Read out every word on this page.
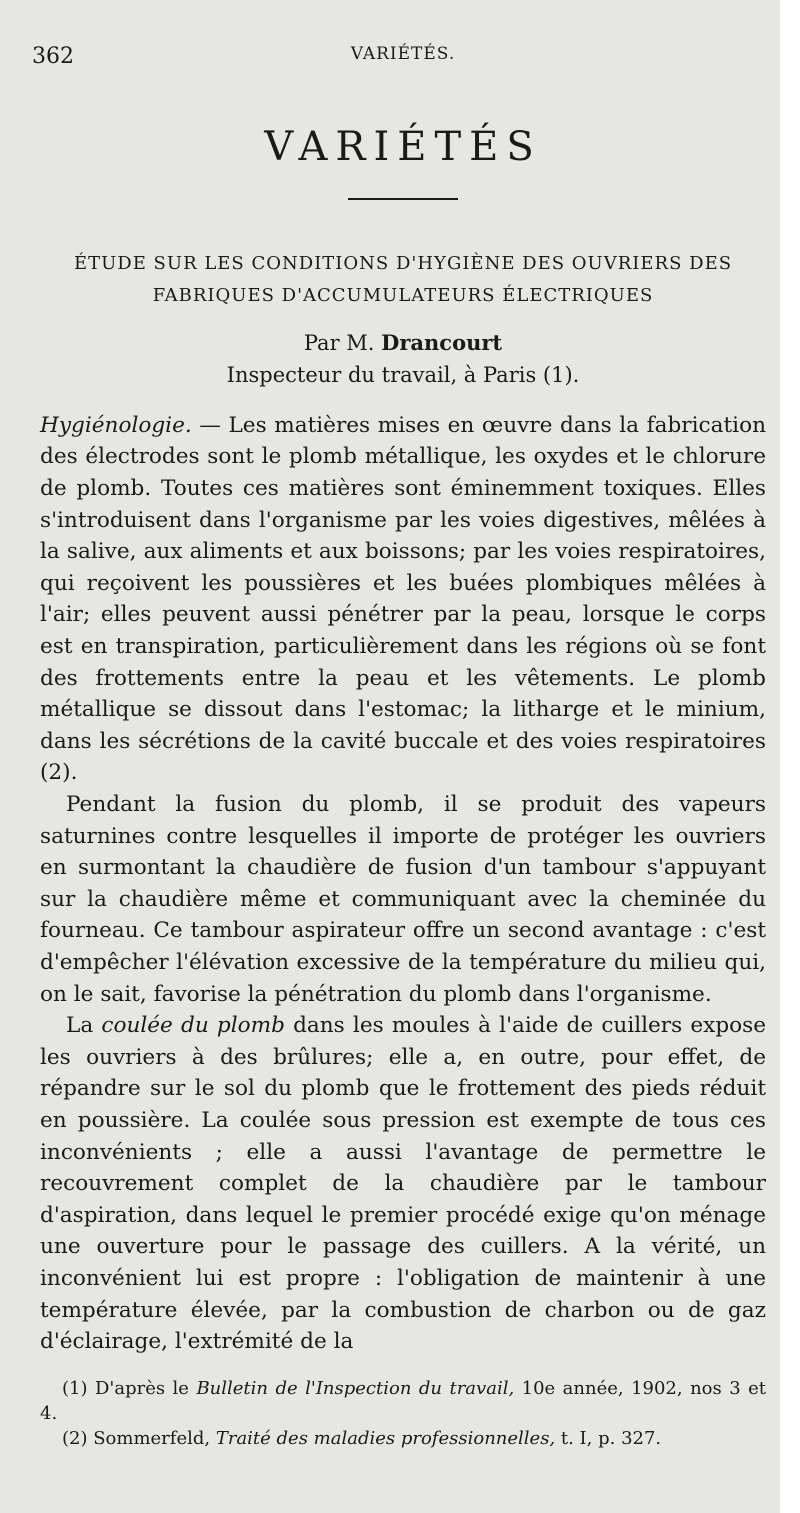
362	VARIÉTÉS.
VARIÉTÉS
ÉTUDE SUR LES CONDITIONS D'HYGIÈNE DES OUVRIERS DES
FABRIQUES D'ACCUMULATEURS ÉLECTRIQUES
Par M. Drancourt
Inspecteur du travail, à Paris (1).

Hygiénologie. — Les matières mises en œuvre dans la fabrication des électrodes sont le plomb métallique, les oxydes et le chlorure de plomb. Toutes ces matières sont éminemment toxiques. Elles s'introduisent dans l'organisme par les voies digestives, mêlées à la salive, aux aliments et aux boissons; par les voies respiratoires, qui reçoivent les poussières et les buées plombiques mêlées à l'air; elles peuvent aussi pénétrer par la peau, lorsque le corps est en transpiration, particulièrement dans les régions où se font des frottements entre la peau et les vêtements. Le plomb métallique se dissout dans l'estomac; la litharge et le minium, dans les sécrétions de la cavité buccale et des voies respiratoires (2).

Pendant la fusion du plomb, il se produit des vapeurs saturnines contre lesquelles il importe de protéger les ouvriers en surmontant la chaudière de fusion d'un tambour s'appuyant sur la chaudière même et communiquant avec la cheminée du fourneau. Ce tambour aspirateur offre un second avantage : c'est d'empêcher l'élévation excessive de la température du milieu qui, on le sait, favorise la pénétration du plomb dans l'organisme.

La coulée du plomb dans les moules à l'aide de cuillers expose les ouvriers à des brûlures; elle a, en outre, pour effet, de répandre sur le sol du plomb que le frottement des pieds réduit en poussière. La coulée sous pression est exempte de tous ces inconvénients ; elle a aussi l'avantage de permettre le recouvrement complet de la chaudière par le tambour d'aspiration, dans lequel le premier procédé exige qu'on ménage une ouverture pour le passage des cuillers. A la vérité, un inconvénient lui est propre : l'obligation de maintenir à une température élevée, par la combustion de charbon ou de gaz d'éclairage, l'extrémité de la

(1) D'après le Bulletin de l'Inspection du travail, 10e année, 1902, nos 3 et 4.

(2) Sommerfeld, Traité des maladies professionnelles, t. I, p. 327.
